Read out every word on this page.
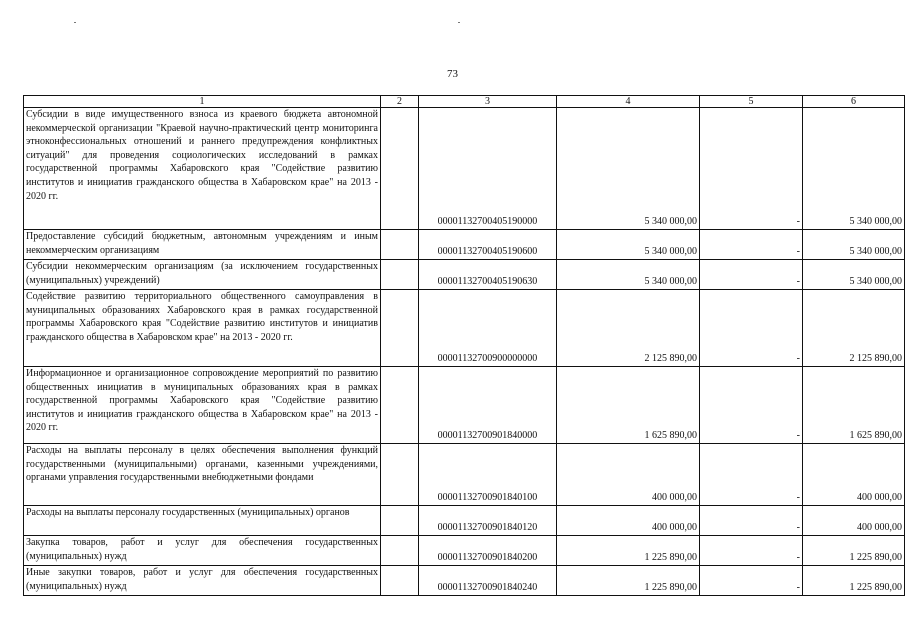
73
1	2	3	4	5	6
Субсидии в виде имущественного взноса из краевого бюджета автономной некоммерческой организации "Краевой научно-практический центр мониторинга этноконфессиональных отношений и раннего предупреждения конфликтных ситуаций" для проведения социологических исследований в рамках государственной программы Хабаровского края "Содействие развитию институтов и инициатив гражданского общества в Хабаровском крае" на 2013 - 2020 гг.		00001132700405190000	5 340 000,00	-	5 340 000,00
Предоставление субсидий бюджетным, автономным учреждениям и иным некоммерческим организациям		00001132700405190600	5 340 000,00	-	5 340 000,00
Субсидии некоммерческим организациям (за исключением государственных (муниципальных) учреждений)		00001132700405190630	5 340 000,00	-	5 340 000,00
Содействие развитию территориального общественного самоуправления в муниципальных образованиях Хабаровского края в рамках государственной программы Хабаровского края "Содействие развитию институтов и инициатив гражданского общества в Хабаровском крае" на 2013 - 2020 гг.		00001132700900000000	2 125 890,00	-	2 125 890,00
Информационное и организационное сопровождение мероприятий по развитию общественных инициатив в муниципальных образованиях края в рамках государственной программы Хабаровского края "Содействие развитию институтов и инициатив гражданского общества в Хабаровском крае" на 2013 - 2020 гг.		00001132700901840000	1 625 890,00	-	1 625 890,00
Расходы на выплаты персоналу в целях обеспечения выполнения функций государственными (муниципальными) органами, казенными учреждениями, органами управления государственными внебюджетными фондами		00001132700901840100	400 000,00	-	400 000,00
Расходы на выплаты персоналу государственных (муниципальных) органов		00001132700901840120	400 000,00	-	400 000,00
Закупка товаров, работ и услуг для обеспечения государственных (муниципальных) нужд		00001132700901840200	1 225 890,00	-	1 225 890,00
Иные закупки товаров, работ и услуг для обеспечения государственных (муниципальных) нужд		00001132700901840240	1 225 890,00	-	1 225 890,00
